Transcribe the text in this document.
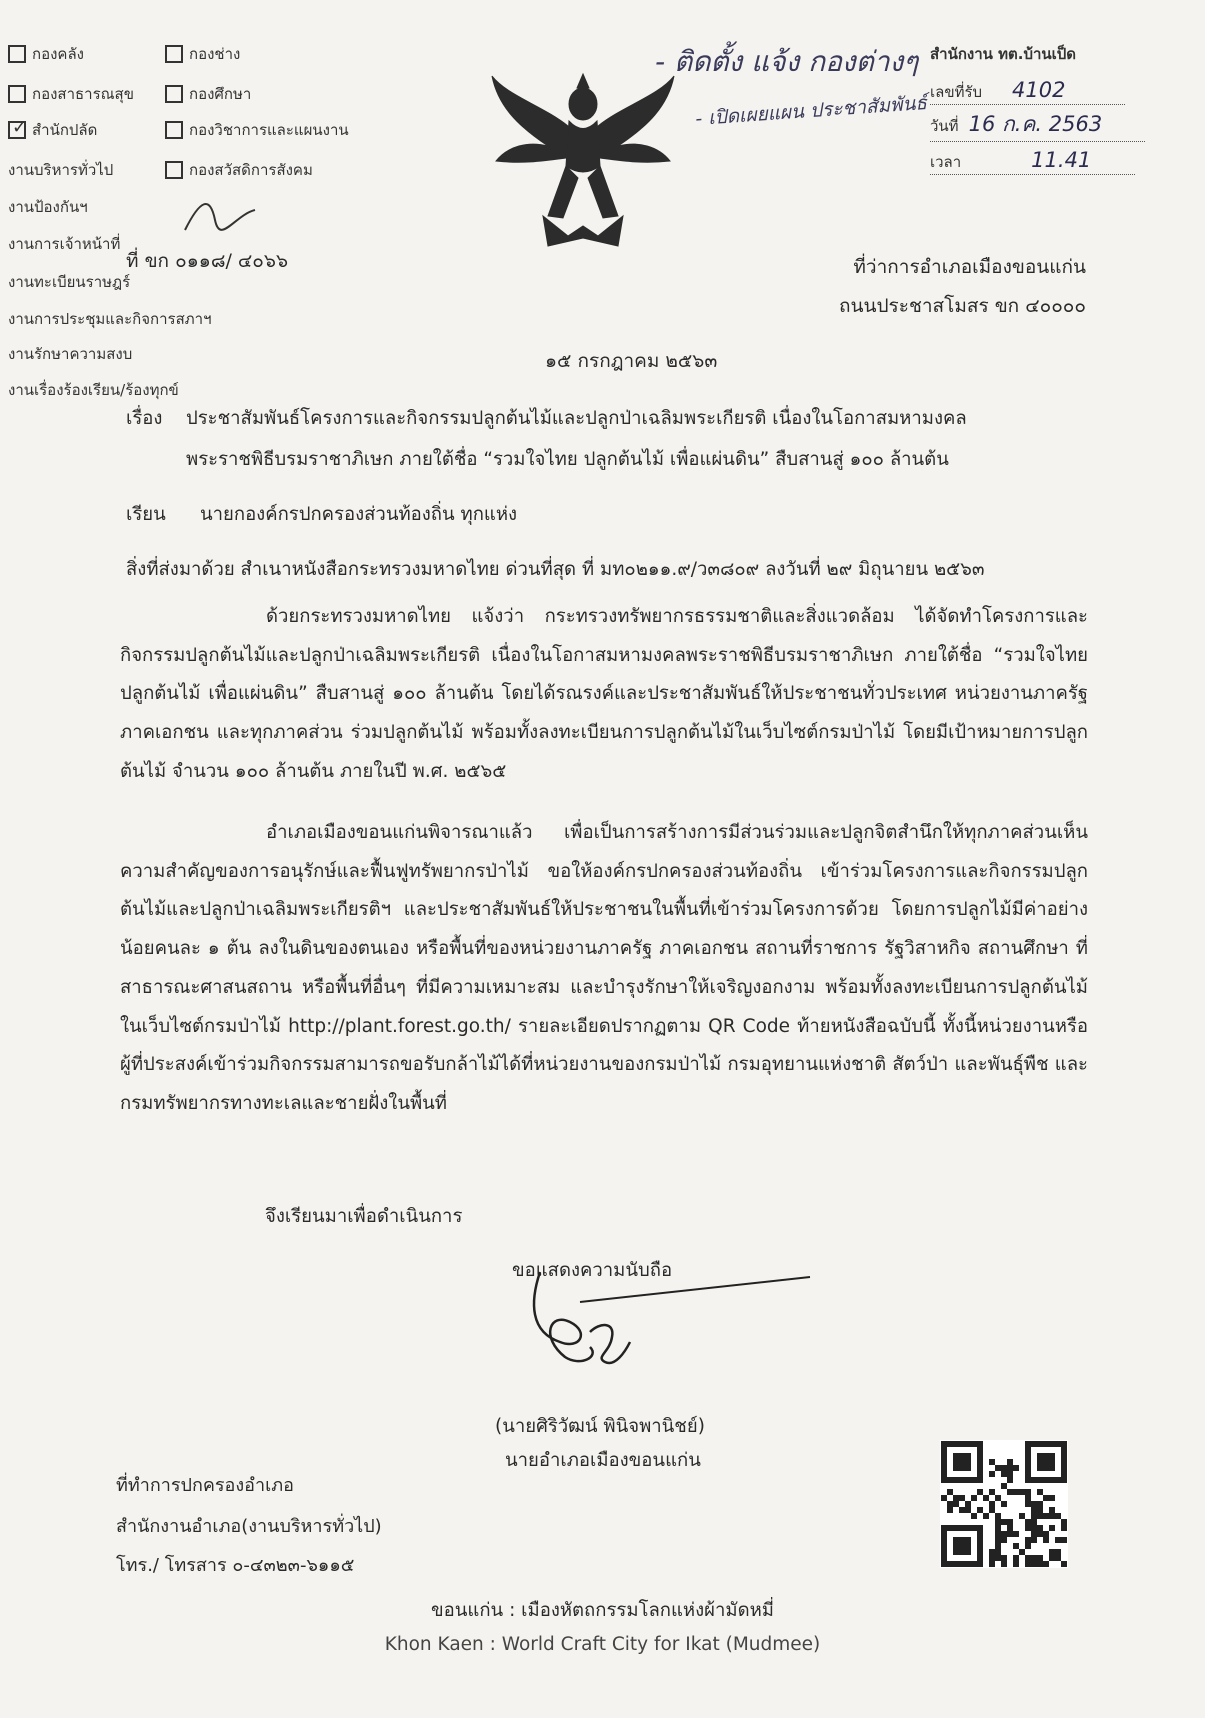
กองคลัง
กองสาธารณสุข
✓ สำนักปลัด
งานบริหารทั่วไป
กองช่าง
กองศึกษา
กองวิชาการและแผนงาน
กองสวัสดิการสังคม
งานป้องกันฯ
งานการเจ้าหน้าที่
งานทะเบียนราษฎร์
งานการประชุมและกิจการสภาฯ
งานรักษาความสงบ
งานเรื่องร้องเรียน/ร้องทุกข์
- ติดตั้ง แจ้ง กองต่างๆ
- เปิดเผยแผน ประชาสัมพันธ์
สำนักงาน ทต.บ้านเป็ด
เลขที่รับ 4102
วันที่ 16 ก.ค. 2563
เวลา	11.41
ที่ ขก ๐๑๑๘/ ๔๐๖๖	ที่ว่าการอำเภอเมืองขอนแก่น
ถนนประชาสโมสร ขก ๔๐๐๐๐
๑๕ กรกฎาคม ๒๕๖๓
เรื่อง ประชาสัมพันธ์โครงการและกิจกรรมปลูกต้นไม้และปลูกป่าเฉลิมพระเกียรติ เนื่องในโอกาสมหามงคล
พระราชพิธีบรมราชาภิเษก ภายใต้ชื่อ “รวมใจไทย ปลูกต้นไม้ เพื่อแผ่นดิน” สืบสานสู่ ๑๐๐ ล้านต้น
เรียน นายกองค์กรปกครองส่วนท้องถิ่น ทุกแห่ง
สิ่งที่ส่งมาด้วย สำเนาหนังสือกระทรวงมหาดไทย ด่วนที่สุด ที่ มท๐๒๑๑.๙/ว๓๘๐๙ ลงวันที่ ๒๙ มิถุนายน ๒๕๖๓

ด้วยกระทรวงมหาดไทย แจ้งว่า กระทรวงทรัพยากรธรรมชาติและสิ่งแวดล้อม ได้จัดทำโครงการและกิจกรรมปลูกต้นไม้และปลูกป่าเฉลิมพระเกียรติ เนื่องในโอกาสมหามงคลพระราชพิธีบรมราชาภิเษก ภายใต้ชื่อ “รวมใจไทย ปลูกต้นไม้ เพื่อแผ่นดิน” สืบสานสู่ ๑๐๐ ล้านต้น โดยได้รณรงค์และประชาสัมพันธ์ให้ประชาชนทั่วประเทศ หน่วยงานภาครัฐ ภาคเอกชน และทุกภาคส่วน ร่วมปลูกต้นไม้ พร้อมทั้งลงทะเบียนการปลูกต้นไม้ในเว็บไซต์กรมป่าไม้ โดยมีเป้าหมายการปลูกต้นไม้ จำนวน ๑๐๐ ล้านต้น ภายในปี พ.ศ. ๒๕๖๕

อำเภอเมืองขอนแก่นพิจารณาแล้ว เพื่อเป็นการสร้างการมีส่วนร่วมและปลูกจิตสำนึกให้ทุกภาคส่วนเห็นความสำคัญของการอนุรักษ์และฟื้นฟูทรัพยากรป่าไม้ ขอให้องค์กรปกครองส่วนท้องถิ่น เข้าร่วมโครงการและกิจกรรมปลูกต้นไม้และปลูกป่าเฉลิมพระเกียรติฯ และประชาสัมพันธ์ให้ประชาชนในพื้นที่เข้าร่วมโครงการด้วย โดยการปลูกไม้มีค่าอย่างน้อยคนละ ๑ ต้น ลงในดินของตนเอง หรือพื้นที่ของหน่วยงานภาครัฐ ภาคเอกชน สถานที่ราชการ รัฐวิสาหกิจ สถานศึกษา ที่สาธารณะศาสนสถาน หรือพื้นที่อื่นๆ ที่มีความเหมาะสม และบำรุงรักษาให้เจริญงอกงาม พร้อมทั้งลงทะเบียนการปลูกต้นไม้ ในเว็บไซต์กรมป่าไม้ http://plant.forest.go.th/ รายละเอียดปรากฏตาม QR Code ท้ายหนังสือฉบับนี้ ทั้งนี้หน่วยงานหรือผู้ที่ประสงค์เข้าร่วมกิจกรรมสามารถขอรับกล้าไม้ได้ที่หน่วยงานของกรมป่าไม้ กรมอุทยานแห่งชาติ สัตว์ป่า และพันธุ์พืช และกรมทรัพยากรทางทะเลและชายฝั่งในพื้นที่

จึงเรียนมาเพื่อดำเนินการ
ขอแสดงความนับถือ
(นายศิริวัฒน์ พินิจพานิชย์)
นายอำเภอเมืองขอนแก่น
ที่ทำการปกครองอำเภอ
สำนักงานอำเภอ(งานบริหารทั่วไป)
โทร./ โทรสาร ๐-๔๓๒๓-๖๑๑๕
ขอนแก่น : เมืองหัตถกรรมโลกแห่งผ้ามัดหมี่
Khon Kaen : World Craft City for Ikat (Mudmee)
